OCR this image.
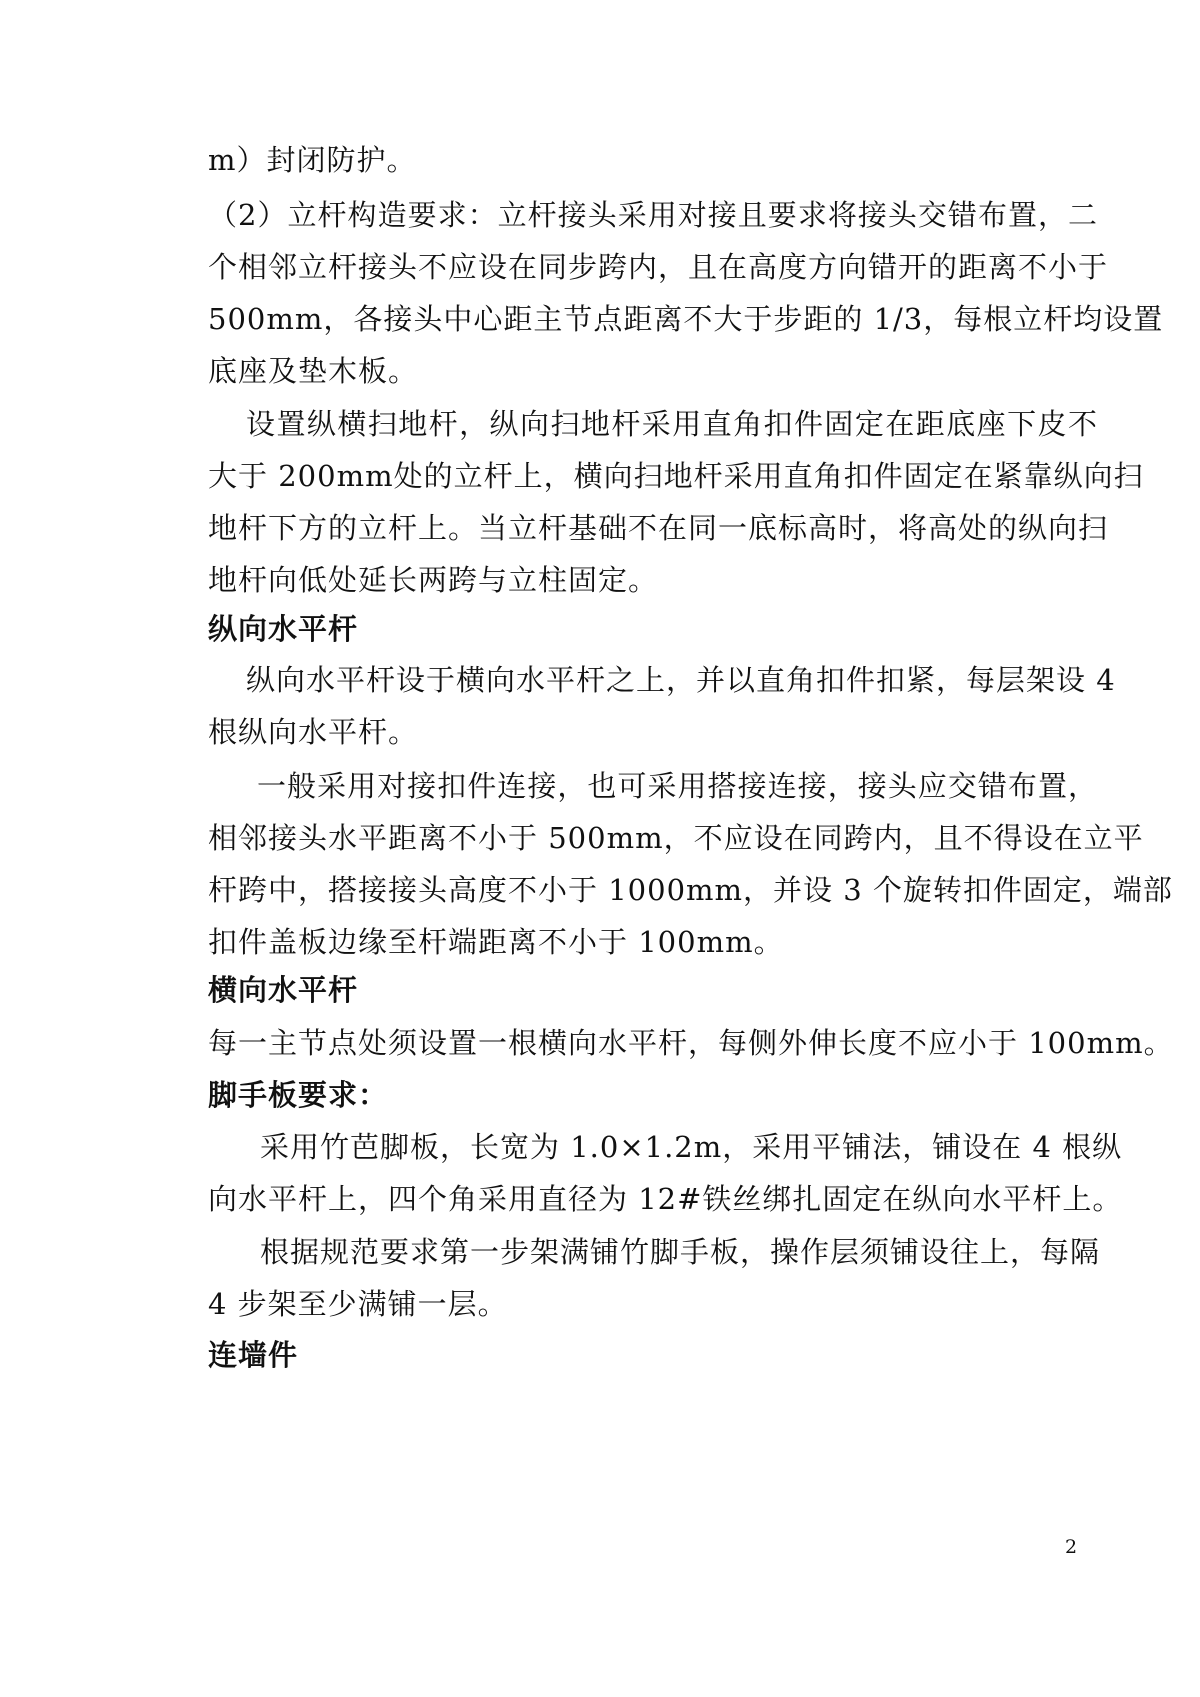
m）封闭防护。
（2）立杆构造要求：立杆接头采用对接且要求将接头交错布置，二
个相邻立杆接头不应设在同步跨内，且在高度方向错开的距离不小于
500mm，各接头中心距主节点距离不大于步距的 1/3，每根立杆均设置
底座及垫木板。
设置纵横扫地杆，纵向扫地杆采用直角扣件固定在距底座下皮不
大于 200mm处的立杆上，横向扫地杆采用直角扣件固定在紧靠纵向扫
地杆下方的立杆上。当立杆基础不在同一底标高时，将高处的纵向扫
地杆向低处延长两跨与立柱固定。
纵向水平杆
纵向水平杆设于横向水平杆之上，并以直角扣件扣紧，每层架设 4
根纵向水平杆。
一般采用对接扣件连接，也可采用搭接连接，接头应交错布置，
相邻接头水平距离不小于 500mm，不应设在同跨内，且不得设在立平
杆跨中，搭接接头高度不小于 1000mm，并设 3 个旋转扣件固定，端部
扣件盖板边缘至杆端距离不小于 100mm。
横向水平杆
每一主节点处须设置一根横向水平杆，每侧外伸长度不应小于 100mm。
脚手板要求：
采用竹芭脚板，长宽为 1.0×1.2m，采用平铺法，铺设在 4 根纵
向水平杆上，四个角采用直径为 12#铁丝绑扎固定在纵向水平杆上。
根据规范要求第一步架满铺竹脚手板，操作层须铺设往上，每隔
4 步架至少满铺一层。
连墙件
2
